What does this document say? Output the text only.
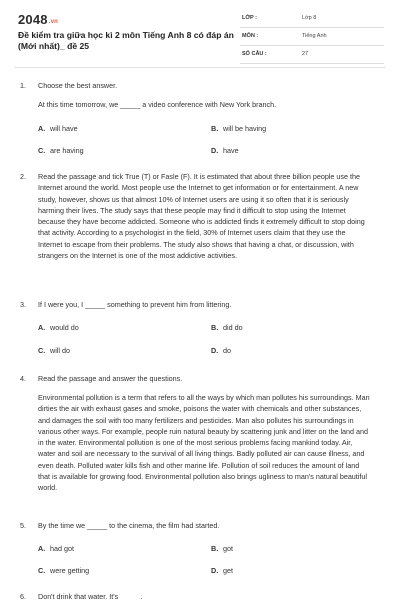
2048.vn
Đề kiểm tra giữa học kì 2 môn Tiếng Anh 8 có đáp án (Mới nhất)_ đề 25
LỚP :	Lớp 8
MÔN :	Tiếng Anh
SỐ CÂU :	27
1.	Choose the best answer.
At this time tomorrow, we _____ a video conference with New York branch.
A. will have	B. will be having
C. are having	D. have
2.	Read the passage and tick True (T) or Fasle (F). It is estimated that about three billion people use the Internet around the world. Most people use the Internet to get information or for entertainment. A new study, however, shows us that almost 10% of Internet users are using it so often that it is seriously harming their lives. The study says that these people may find it difficult to stop using the Internet because they have become addicted. Someone who is addicted finds it extremely difficult to stop doing that activity. According to a psychologist in the field, 30% of Internet users claim that they use the Internet to escape from their problems. The study also shows that having a chat, or discussion, with strangers on the Internet is one of the most addictive activities.
3.	If I were you, I _____ something to prevent him from littering.
A. would do	B. did do
C. will do	D. do
4.	Read the passage and answer the questions.
Environmental pollution is a term that refers to all the ways by which man pollutes his surroundings. Man dirties the air with exhaust gases and smoke, poisons the water with chemicals and other substances, and damages the soil with too many fertilizers and pesticides. Man also pollutes his surroundings in various other ways. For example, people ruin natural beauty by scattering junk and litter on the land and in the water. Environmental pollution is one of the most serious problems facing mankind today. Air, water and soil are necessary to the survival of all living things. Badly polluted air can cause illness, and even death. Polluted water kills fish and other marine life. Pollution of soil reduces the amount of land that is available for growing food. Environmental pollution also brings ugliness to man's natural beautiful world.
5.	By the time we _____ to the cinema, the film had started.
A. had got	B. got
C. were getting	D. get
6.	Don't drink that water. It's _____.
